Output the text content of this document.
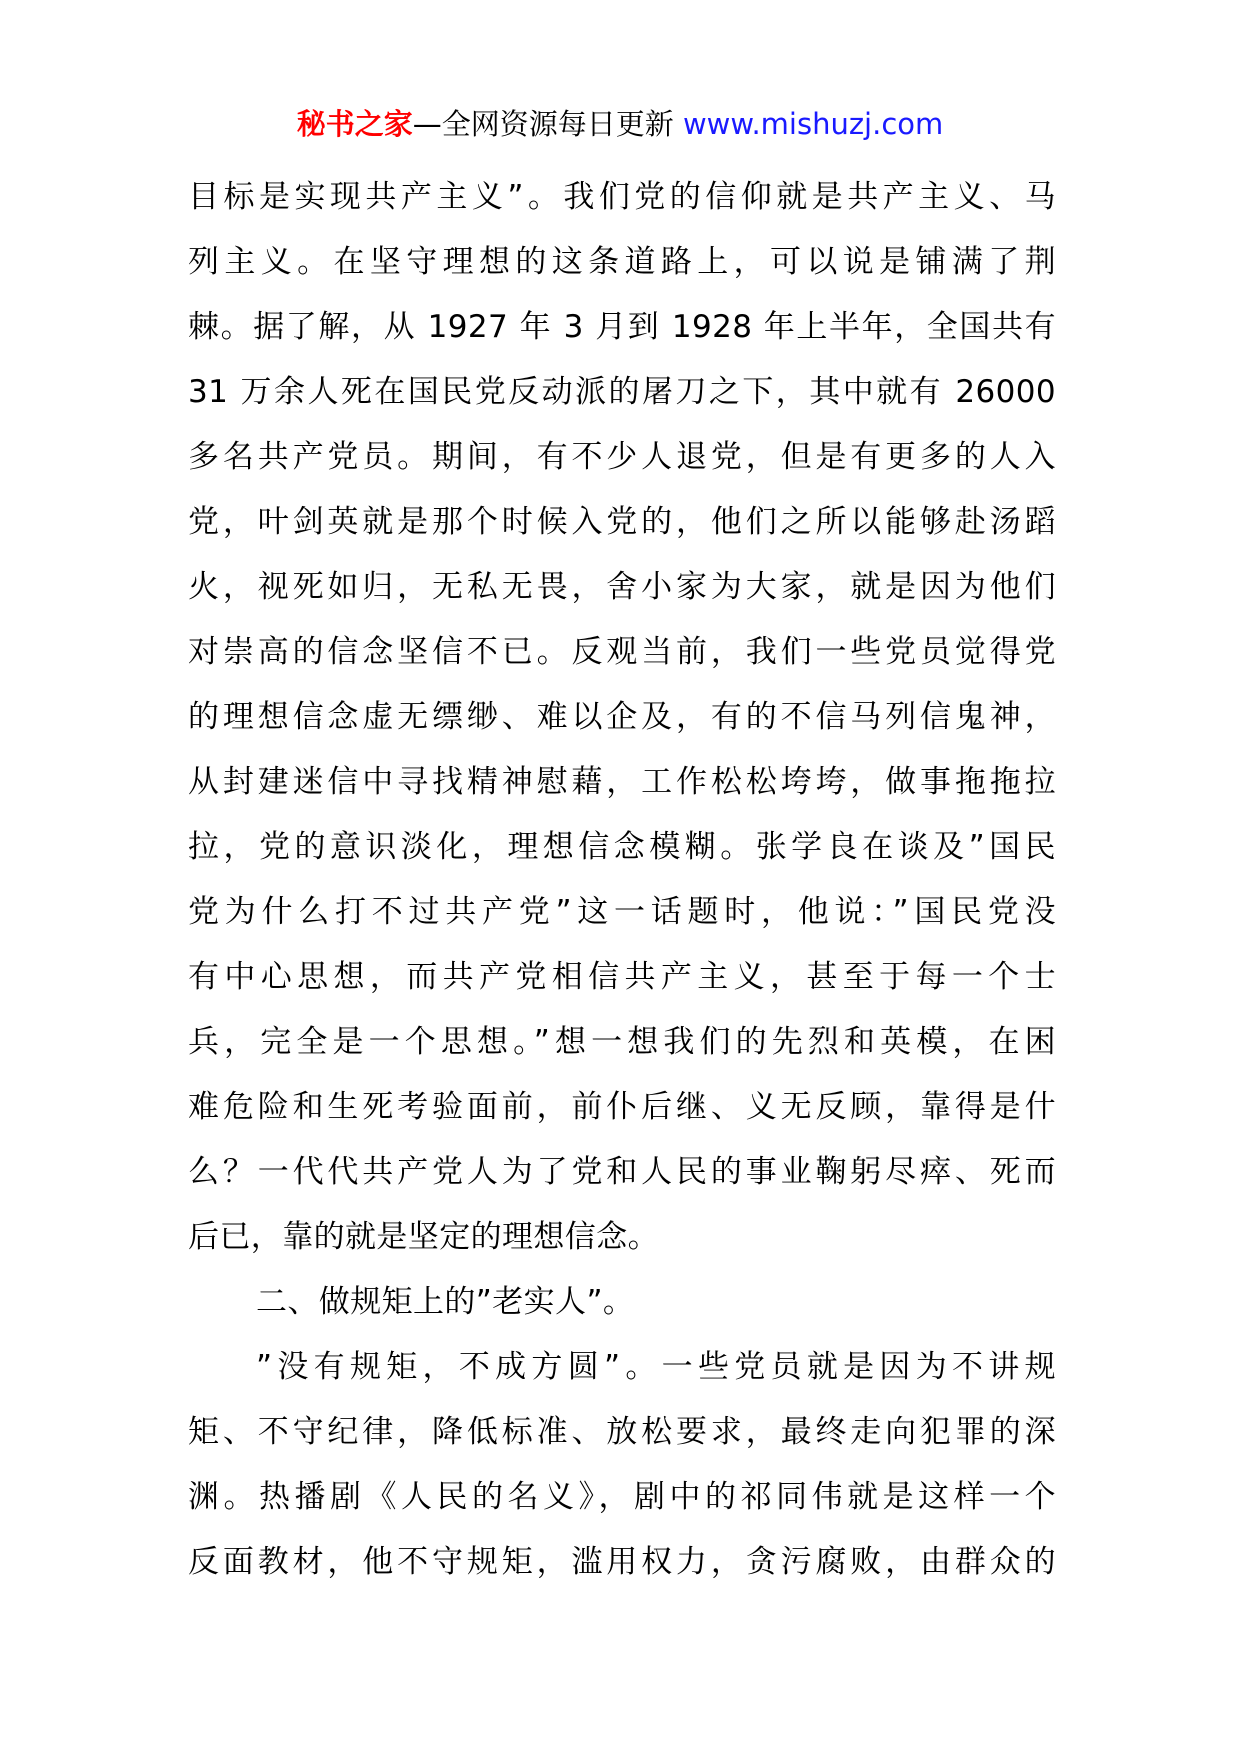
秘书之家—全网资源每日更新 www.mishuzj.com
目标是实现共产主义”。我们党的信仰就是共产主义、马
列主义。在坚守理想的这条道路上，可以说是铺满了荆
棘。据了解，从 1927 年 3 月到 1928 年上半年，全国共有
31 万余人死在国民党反动派的屠刀之下，其中就有 26000
多名共产党员。期间，有不少人退党，但是有更多的人入
党，叶剑英就是那个时候入党的，他们之所以能够赴汤蹈
火，视死如归，无私无畏，舍小家为大家，就是因为他们
对崇高的信念坚信不已。反观当前，我们一些党员觉得党
的理想信念虚无缥缈、难以企及，有的不信马列信鬼神，
从封建迷信中寻找精神慰藉，工作松松垮垮，做事拖拖拉
拉，党的意识淡化，理想信念模糊。张学良在谈及”国民
党为什么打不过共产党”这一话题时，他说：”国民党没
有中心思想，而共产党相信共产主义，甚至于每一个士
兵，完全是一个思想。”想一想我们的先烈和英模，在困
难危险和生死考验面前，前仆后继、义无反顾，靠得是什
么？一代代共产党人为了党和人民的事业鞠躬尽瘁、死而
后已，靠的就是坚定的理想信念。
二、做规矩上的”老实人”。
”没有规矩，不成方圆”。一些党员就是因为不讲规
矩、不守纪律，降低标准、放松要求，最终走向犯罪的深
渊。热播剧《人民的名义》，剧中的祁同伟就是这样一个
反面教材，他不守规矩，滥用权力，贪污腐败，由群众的
